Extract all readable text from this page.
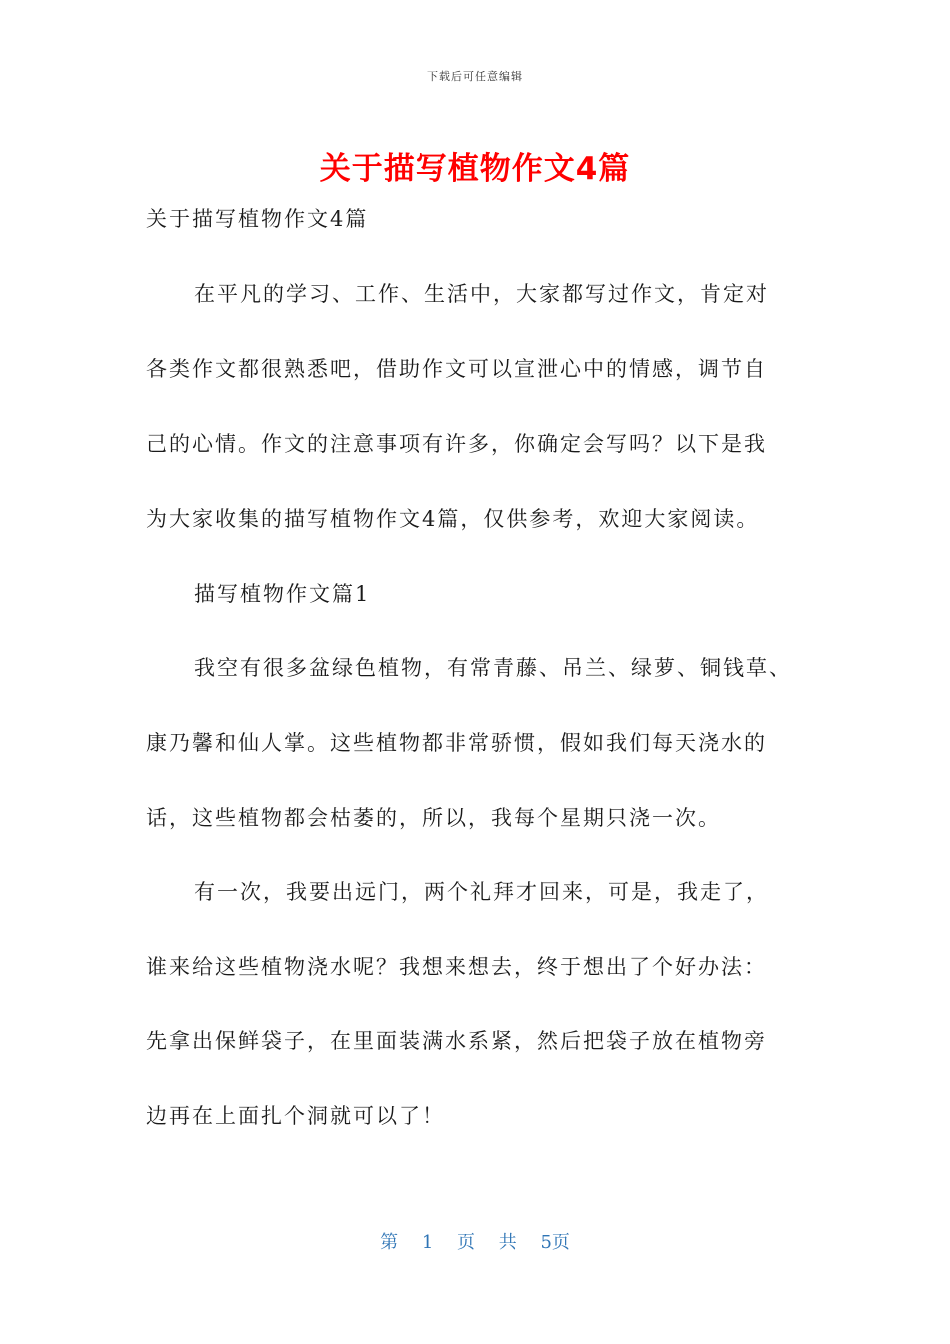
下载后可任意编辑
关于描写植物作文4篇
关于描写植物作文4篇
在平凡的学习、工作、生活中，大家都写过作文，肯定对
各类作文都很熟悉吧，借助作文可以宣泄心中的情感，调节自
己的心情。作文的注意事项有许多，你确定会写吗？以下是我
为大家收集的描写植物作文4篇，仅供参考，欢迎大家阅读。
描写植物作文篇1
我空有很多盆绿色植物，有常青藤、吊兰、绿萝、铜钱草、
康乃馨和仙人掌。这些植物都非常骄惯，假如我们每天浇水的
话，这些植物都会枯萎的，所以，我每个星期只浇一次。
有一次，我要出远门，两个礼拜才回来，可是，我走了，
谁来给这些植物浇水呢？我想来想去，终于想出了个好办法：
先拿出保鲜袋子，在里面装满水系紧，然后把袋子放在植物旁
边再在上面扎个洞就可以了！
第 1 页 共 5页
